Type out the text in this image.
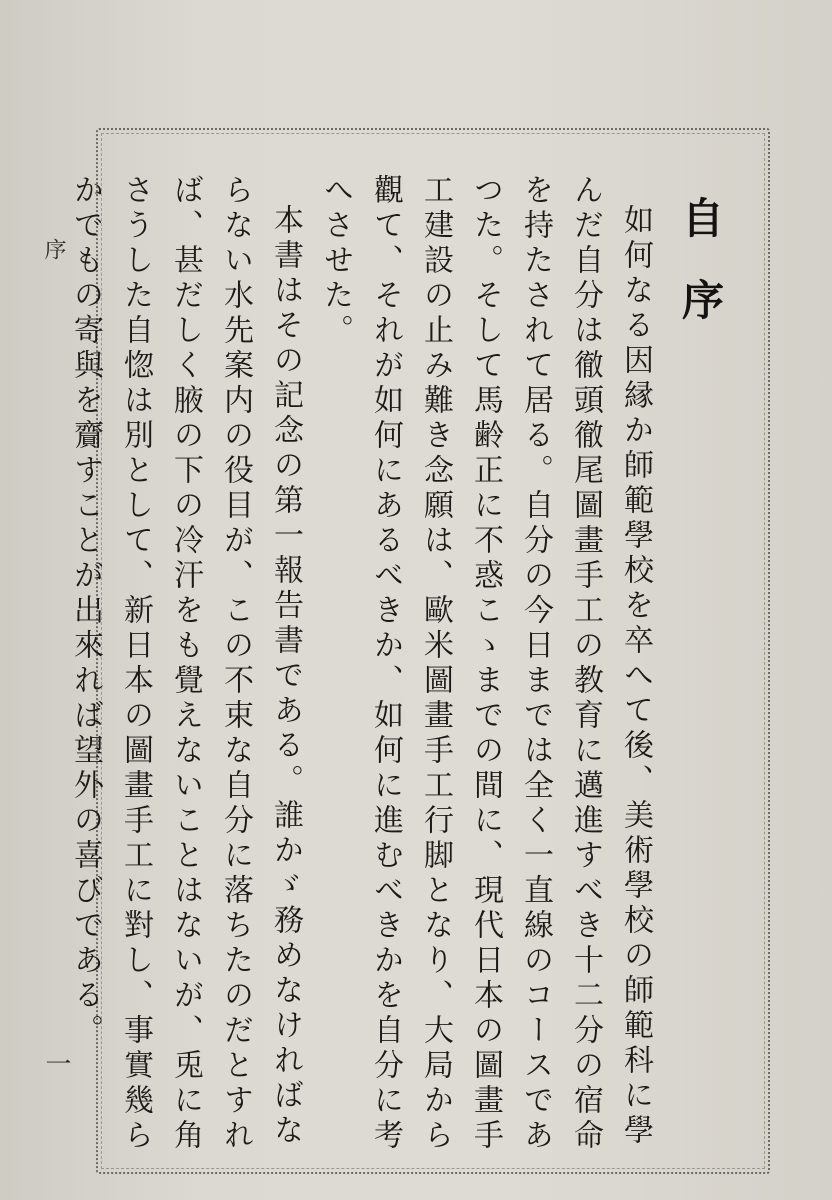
序
一
自序

如何なる因縁か師範學校を卒へて後、美術學校の師範科に學んだ自分は徹頭徹尾圖畫手工の教育に邁進すべき十二分の宿命を持たされて居る。自分の今日までは全く一直線のコースであつた。そして馬齢正に不惑こゝまでの間に、現代日本の圖畫手工建設の止み難き念願は、歐米圖畫手工行脚となり、大局から觀て、それが如何にあるべきか、如何に進むべきかを自分に考へさせた。

本書はその記念の第一報告書である。誰かゞ務めなければならない水先案内の役目が、この不束な自分に落ちたのだとすれば、甚だしく腋の下の冷汗をも覺えないことはないが、兎に角さうした自惚は別として、新日本の圖畫手工に對し、事實幾らかでもの寄與を齎すことが出來れば望外の喜びである。
